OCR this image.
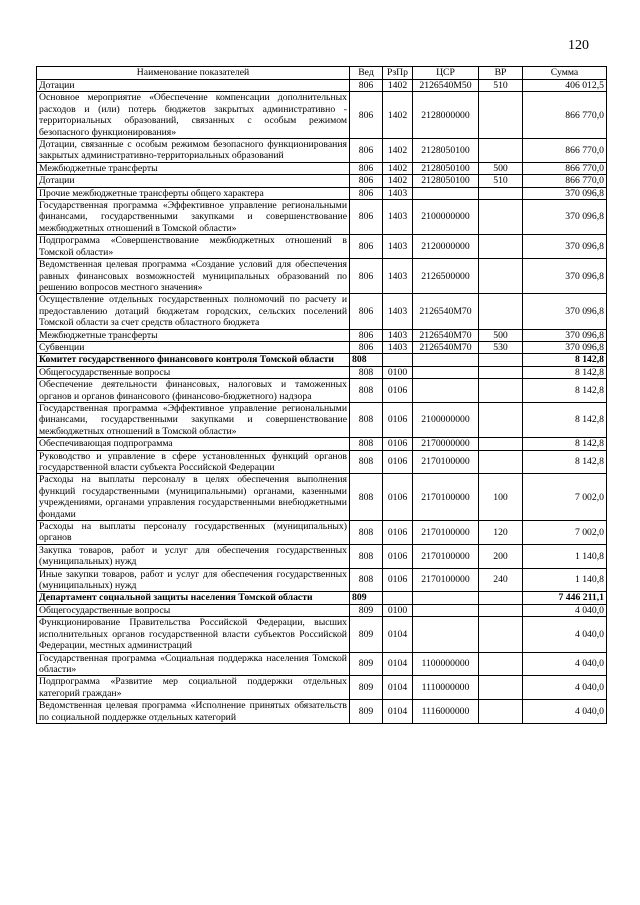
120
Наименование показателей	Вед	РзПр	ЦСР	ВР	Сумма
Дотации	806	1402	2126540М50	510	406 012,5
Основное мероприятие «Обеспечение компенсации дополнительных расходов и (или) потерь бюджетов закрытых административно - территориальных образований, связанных с особым режимом безопасного функционирования»	806	1402	2128000000		866 770,0
Дотации, связанные с особым режимом безопасного функционирования закрытых административно-территориальных образований	806	1402	2128050100		866 770,0
Межбюджетные трансферты	806	1402	2128050100	500	866 770,0
Дотации	806	1402	2128050100	510	866 770,0
Прочие межбюджетные трансферты общего характера	806	1403			370 096,8
Государственная программа «Эффективное управление региональными финансами, государственными закупками и совершенствование межбюджетных отношений в Томской области»	806	1403	2100000000		370 096,8
Подпрограмма «Совершенствование межбюджетных отношений в Томской области»	806	1403	2120000000		370 096,8
Ведомственная целевая программа «Создание условий для обеспечения равных финансовых возможностей муниципальных образований по решению вопросов местного значения»	806	1403	2126500000		370 096,8
Осуществление отдельных государственных полномочий по расчету и предоставлению дотаций бюджетам городских, сельских поселений Томской области за счет средств областного бюджета	806	1403	2126540М70		370 096,8
Межбюджетные трансферты	806	1403	2126540М70	500	370 096,8
Субвенции	806	1403	2126540М70	530	370 096,8
Комитет государственного финансового контроля Томской области	808				8 142,8
Общегосударственные вопросы	808	0100			8 142,8
Обеспечение деятельности финансовых, налоговых и таможенных органов и органов финансового (финансово-бюджетного) надзора	808	0106			8 142,8
Государственная программа «Эффективное управление региональными финансами, государственными закупками и совершенствование межбюджетных отношений в Томской области»	808	0106	2100000000		8 142,8
Обеспечивающая подпрограмма	808	0106	2170000000		8 142,8
Руководство и управление в сфере установленных функций органов государственной власти субъекта Российской Федерации	808	0106	2170100000		8 142,8
Расходы на выплаты персоналу в целях обеспечения выполнения функций государственными (муниципальными) органами, казенными учреждениями, органами управления государственными внебюджетными фондами	808	0106	2170100000	100	7 002,0
Расходы на выплаты персоналу государственных (муниципальных) органов	808	0106	2170100000	120	7 002,0
Закупка товаров, работ и услуг для обеспечения государственных (муниципальных) нужд	808	0106	2170100000	200	1 140,8
Иные закупки товаров, работ и услуг для обеспечения государственных (муниципальных) нужд	808	0106	2170100000	240	1 140,8
Департамент социальной защиты населения Томской области	809				7 446 211,1
Общегосударственные вопросы	809	0100			4 040,0
Функционирование Правительства Российской Федерации, высших исполнительных органов государственной власти субъектов Российской Федерации, местных администраций	809	0104			4 040,0
Государственная программа «Социальная поддержка населения Томской области»	809	0104	1100000000		4 040,0
Подпрограмма «Развитие мер социальной поддержки отдельных категорий граждан»	809	0104	1110000000		4 040,0
Ведомственная целевая программа «Исполнение принятых обязательств по социальной поддержке отдельных категорий	809	0104	1116000000		4 040,0
